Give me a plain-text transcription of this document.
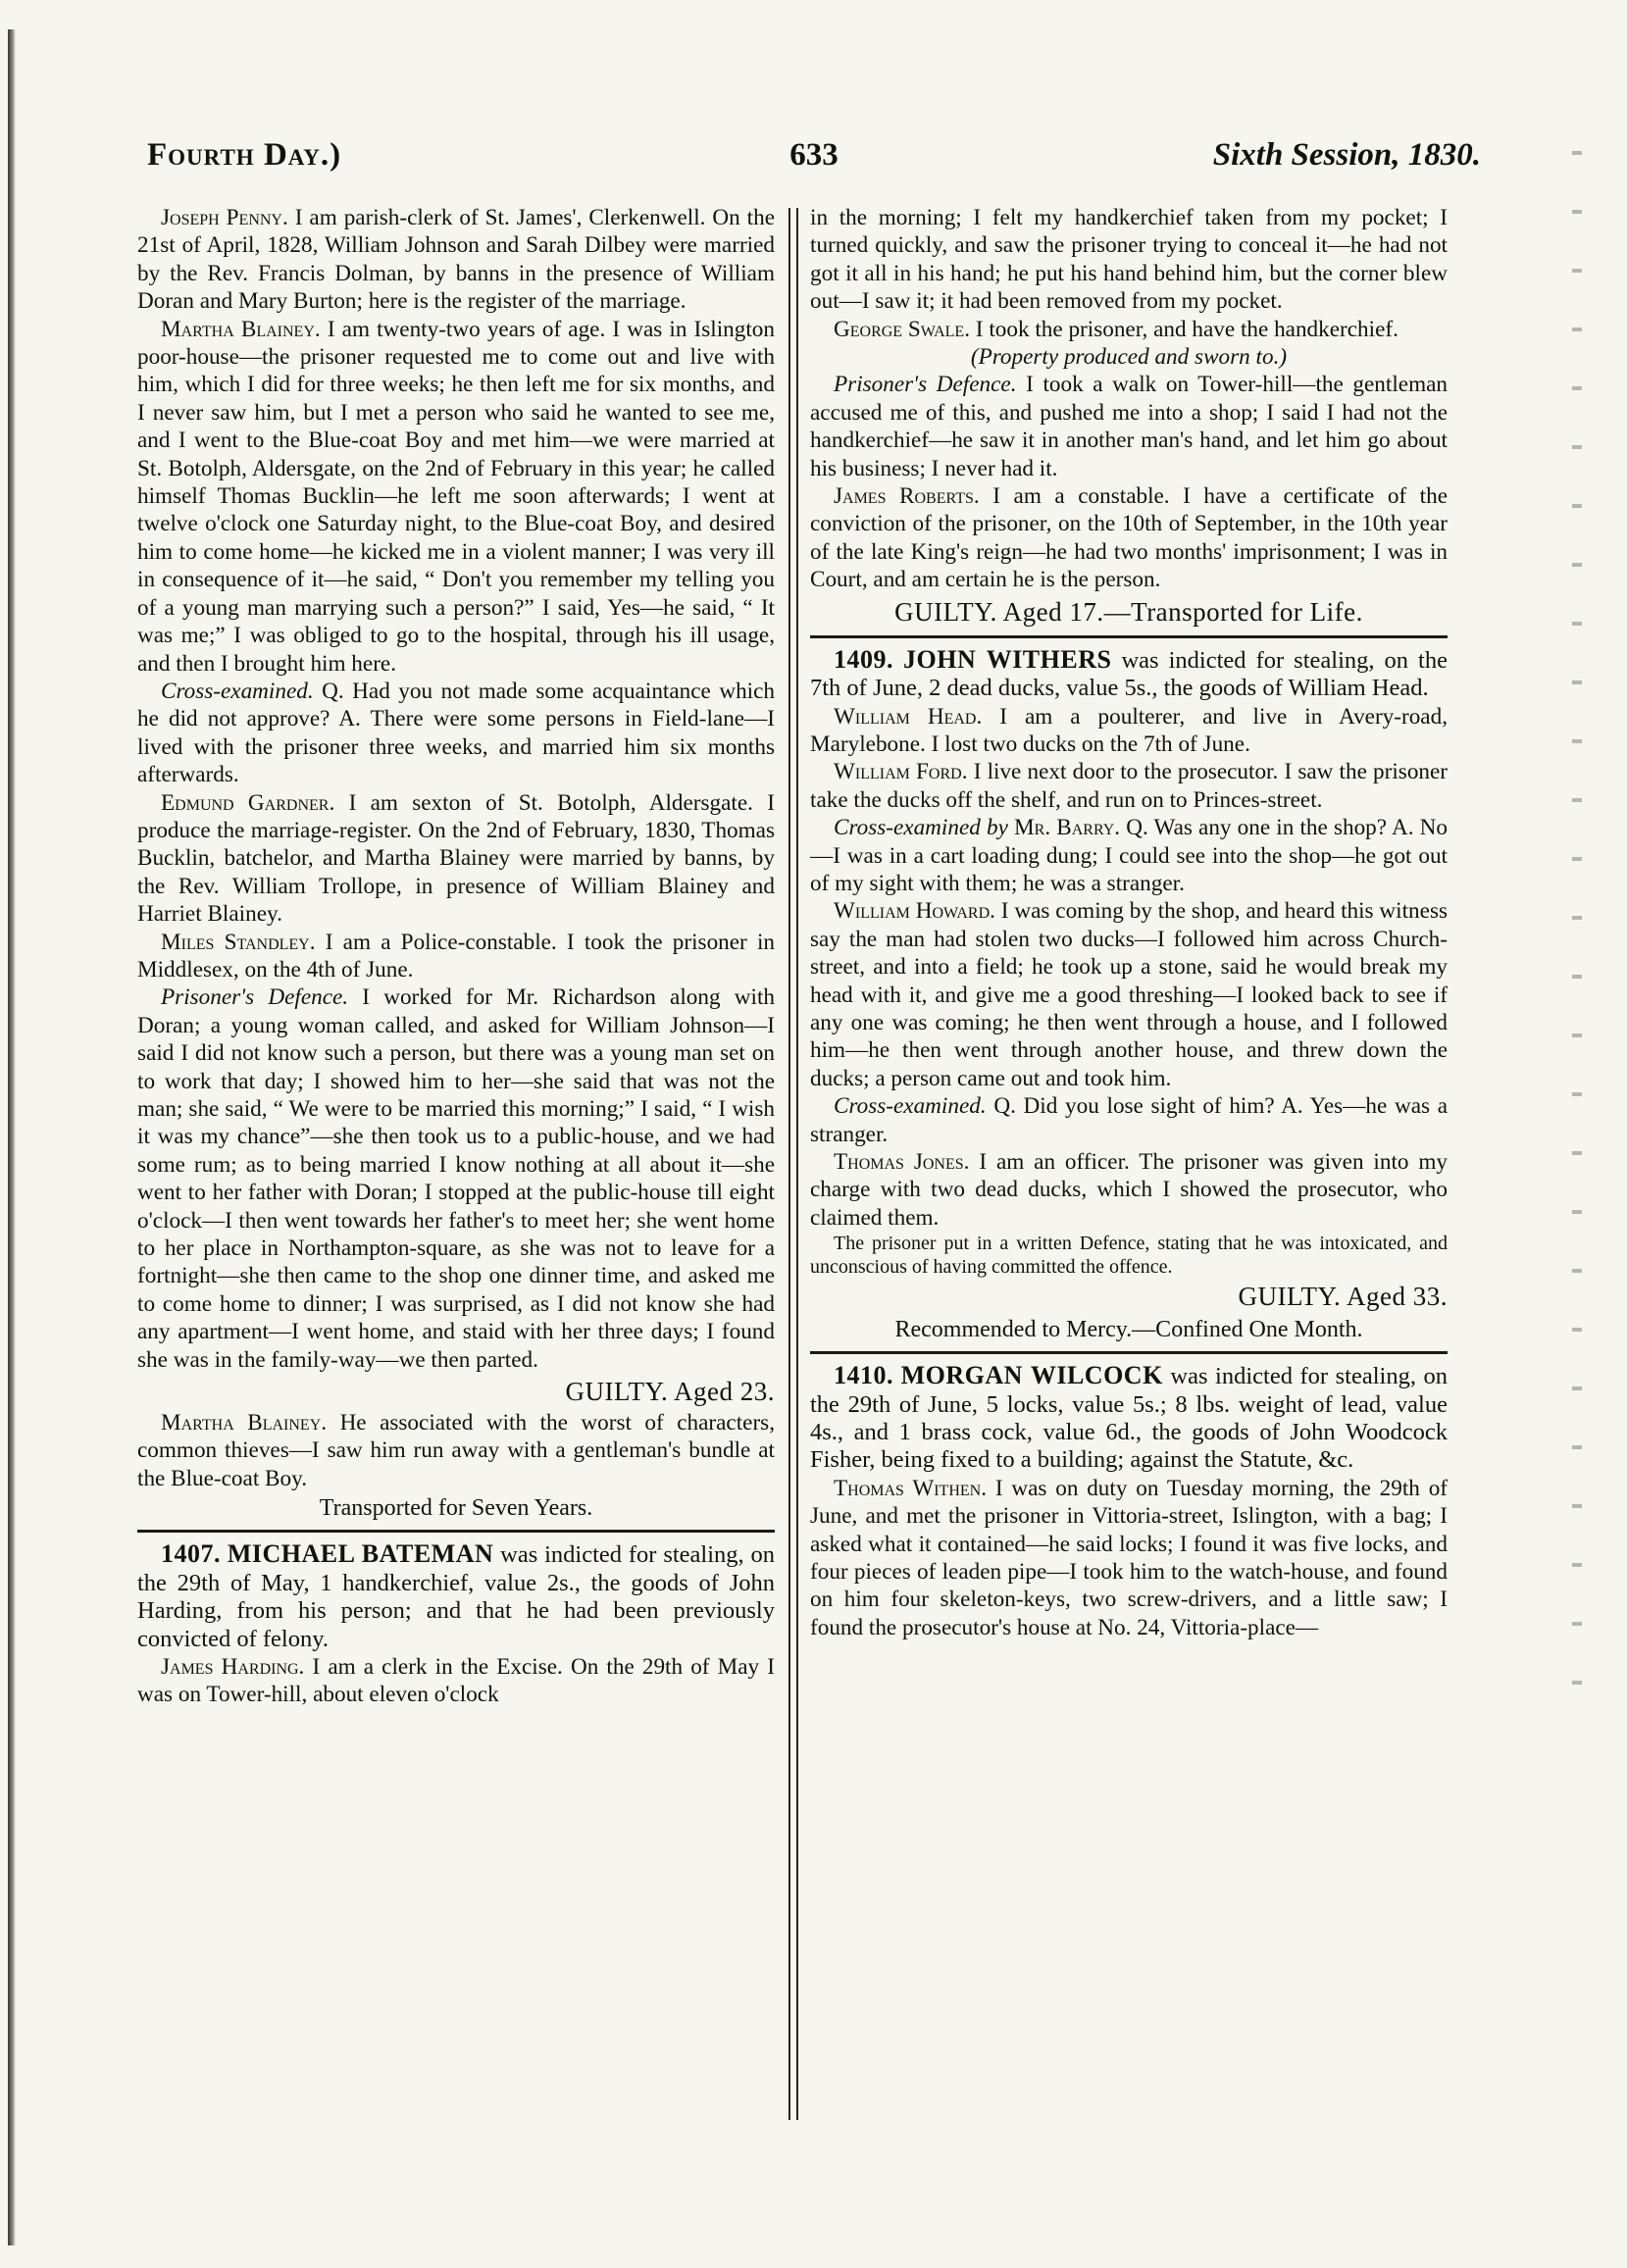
Fourth Day.)	633	Sixth Session, 1830.

Joseph Penny. I am parish-clerk of St. James', Clerkenwell. On the 21st of April, 1828, William Johnson and Sarah Dilbey were married by the Rev. Francis Dolman, by banns in the presence of William Doran and Mary Burton; here is the register of the marriage.

Martha Blainey. I am twenty-two years of age. I was in Islington poor-house—the prisoner requested me to come out and live with him, which I did for three weeks; he then left me for six months, and I never saw him, but I met a person who said he wanted to see me, and I went to the Blue-coat Boy and met him—we were married at St. Botolph, Aldersgate, on the 2nd of February in this year; he called himself Thomas Bucklin—he left me soon afterwards; I went at twelve o'clock one Saturday night, to the Blue-coat Boy, and desired him to come home—he kicked me in a violent manner; I was very ill in consequence of it—he said, “ Don't you remember my telling you of a young man marrying such a person?” I said, Yes—he said, “ It was me;” I was obliged to go to the hospital, through his ill usage, and then I brought him here.

Cross-examined. Q. Had you not made some acquaintance which he did not approve? A. There were some persons in Field-lane—I lived with the prisoner three weeks, and married him six months afterwards.

Edmund Gardner. I am sexton of St. Botolph, Aldersgate. I produce the marriage-register. On the 2nd of February, 1830, Thomas Bucklin, batchelor, and Martha Blainey were married by banns, by the Rev. William Trollope, in presence of William Blainey and Harriet Blainey.

Miles Standley. I am a Police-constable. I took the prisoner in Middlesex, on the 4th of June.

Prisoner's Defence. I worked for Mr. Richardson along with Doran; a young woman called, and asked for William Johnson—I said I did not know such a person, but there was a young man set on to work that day; I showed him to her—she said that was not the man; she said, “ We were to be married this morning;” I said, “ I wish it was my chance”—she then took us to a public-house, and we had some rum; as to being married I know nothing at all about it—she went to her father with Doran; I stopped at the public-house till eight o'clock—I then went towards her father's to meet her; she went home to her place in Northampton-square, as she was not to leave for a fortnight—she then came to the shop one dinner time, and asked me to come home to dinner; I was surprised, as I did not know she had any apartment—I went home, and staid with her three days; I found she was in the family-way—we then parted.

GUILTY. Aged 23.

Martha Blainey. He associated with the worst of characters, common thieves—I saw him run away with a gentleman's bundle at the Blue-coat Boy.

Transported for Seven Years.

1407. MICHAEL BATEMAN was indicted for stealing, on the 29th of May, 1 handkerchief, value 2s., the goods of John Harding, from his person; and that he had been previously convicted of felony.

James Harding. I am a clerk in the Excise. On the 29th of May I was on Tower-hill, about eleven o'clock

in the morning; I felt my handkerchief taken from my pocket; I turned quickly, and saw the prisoner trying to conceal it—he had not got it all in his hand; he put his hand behind him, but the corner blew out—I saw it; it had been removed from my pocket.

George Swale. I took the prisoner, and have the handkerchief.

(Property produced and sworn to.)

Prisoner's Defence. I took a walk on Tower-hill—the gentleman accused me of this, and pushed me into a shop; I said I had not the handkerchief—he saw it in another man's hand, and let him go about his business; I never had it.

James Roberts. I am a constable. I have a certificate of the conviction of the prisoner, on the 10th of September, in the 10th year of the late King's reign—he had two months' imprisonment; I was in Court, and am certain he is the person.

GUILTY. Aged 17.—Transported for Life.

1409. JOHN WITHERS was indicted for stealing, on the 7th of June, 2 dead ducks, value 5s., the goods of William Head.

William Head. I am a poulterer, and live in Avery-road, Marylebone. I lost two ducks on the 7th of June.

William Ford. I live next door to the prosecutor. I saw the prisoner take the ducks off the shelf, and run on to Princes-street.

Cross-examined by Mr. Barry. Q. Was any one in the shop? A. No—I was in a cart loading dung; I could see into the shop—he got out of my sight with them; he was a stranger.

William Howard. I was coming by the shop, and heard this witness say the man had stolen two ducks—I followed him across Church-street, and into a field; he took up a stone, said he would break my head with it, and give me a good threshing—I looked back to see if any one was coming; he then went through a house, and I followed him—he then went through another house, and threw down the ducks; a person came out and took him.

Cross-examined. Q. Did you lose sight of him? A. Yes—he was a stranger.

Thomas Jones. I am an officer. The prisoner was given into my charge with two dead ducks, which I showed the prosecutor, who claimed them.

The prisoner put in a written Defence, stating that he was intoxicated, and unconscious of having committed the offence.

GUILTY. Aged 33.

Recommended to Mercy.—Confined One Month.

1410. MORGAN WILCOCK was indicted for stealing, on the 29th of June, 5 locks, value 5s.; 8 lbs. weight of lead, value 4s., and 1 brass cock, value 6d., the goods of John Woodcock Fisher, being fixed to a building; against the Statute, &c.

Thomas Withen. I was on duty on Tuesday morning, the 29th of June, and met the prisoner in Vittoria-street, Islington, with a bag; I asked what it contained—he said locks; I found it was five locks, and four pieces of leaden pipe—I took him to the watch-house, and found on him four skeleton-keys, two screw-drivers, and a little saw; I found the prosecutor's house at No. 24, Vittoria-place—
